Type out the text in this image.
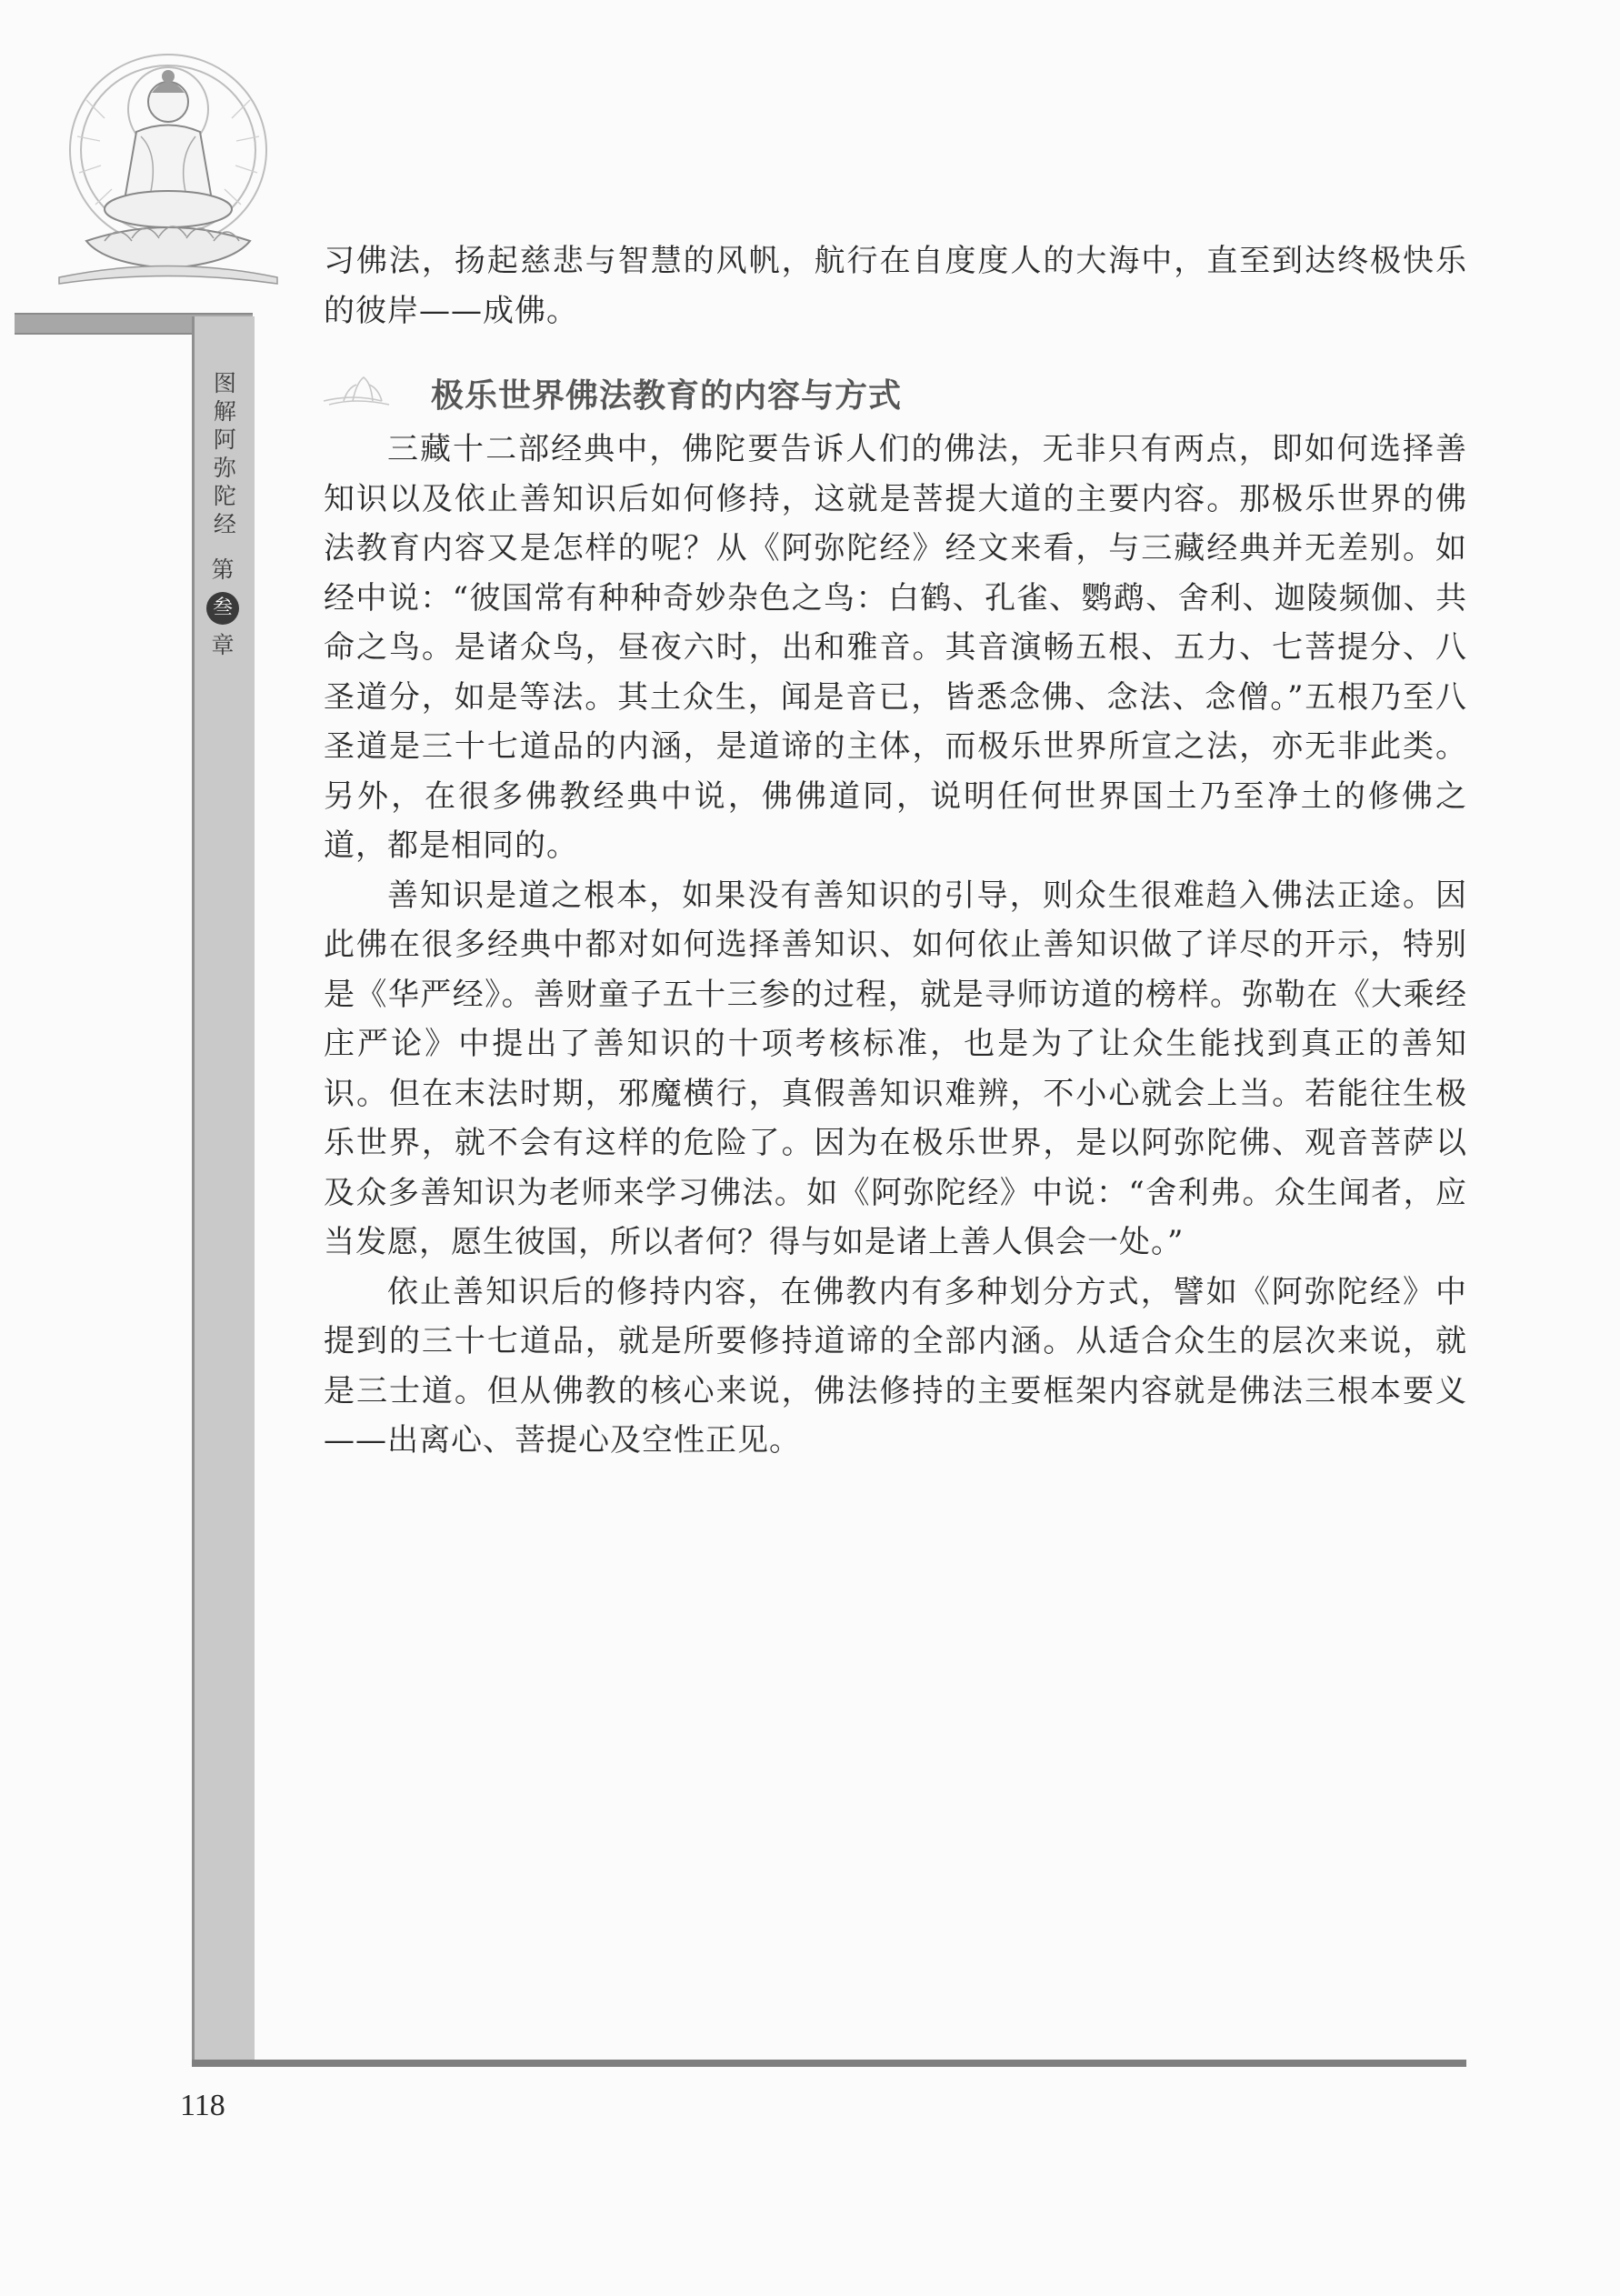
图解阿弥陀经
第
叁
章

习佛法，扬起慈悲与智慧的风帆，航行在自度度人的大海中，直至到达终极快乐的彼岸——成佛。

极乐世界佛法教育的内容与方式

三藏十二部经典中，佛陀要告诉人们的佛法，无非只有两点，即如何选择善知识以及依止善知识后如何修持，这就是菩提大道的主要内容。那极乐世界的佛法教育内容又是怎样的呢？从《阿弥陀经》经文来看，与三藏经典并无差别。如经中说：“彼国常有种种奇妙杂色之鸟：白鹤、孔雀、鹦鹉、舍利、迦陵频伽、共命之鸟。是诸众鸟，昼夜六时，出和雅音。其音演畅五根、五力、七菩提分、八圣道分，如是等法。其土众生，闻是音已，皆悉念佛、念法、念僧。”五根乃至八圣道是三十七道品的内涵，是道谛的主体，而极乐世界所宣之法，亦无非此类。另外，在很多佛教经典中说，佛佛道同，说明任何世界国土乃至净土的修佛之道，都是相同的。

善知识是道之根本，如果没有善知识的引导，则众生很难趋入佛法正途。因此佛在很多经典中都对如何选择善知识、如何依止善知识做了详尽的开示，特别是《华严经》。善财童子五十三参的过程，就是寻师访道的榜样。弥勒在《大乘经庄严论》中提出了善知识的十项考核标准，也是为了让众生能找到真正的善知识。但在末法时期，邪魔横行，真假善知识难辨，不小心就会上当。若能往生极乐世界，就不会有这样的危险了。因为在极乐世界，是以阿弥陀佛、观音菩萨以及众多善知识为老师来学习佛法。如《阿弥陀经》中说：“舍利弗。众生闻者，应当发愿，愿生彼国，所以者何？得与如是诸上善人俱会一处。”

依止善知识后的修持内容，在佛教内有多种划分方式，譬如《阿弥陀经》中提到的三十七道品，就是所要修持道谛的全部内涵。从适合众生的层次来说，就是三士道。但从佛教的核心来说，佛法修持的主要框架内容就是佛法三根本要义——出离心、菩提心及空性正见。

118
